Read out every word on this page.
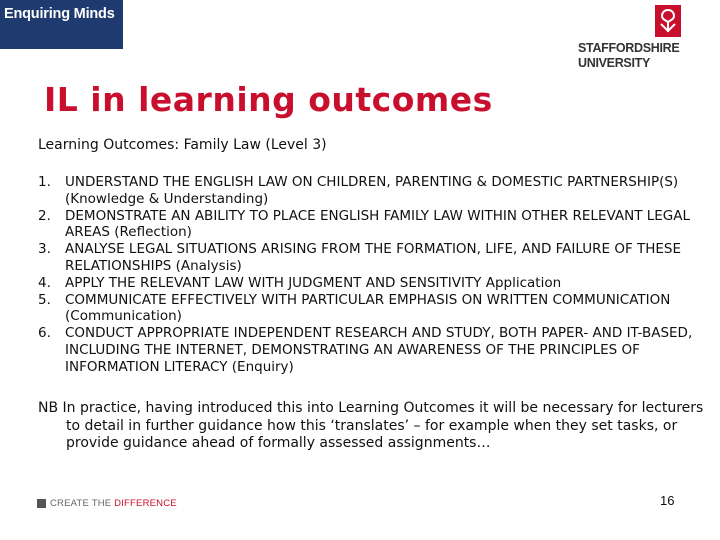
Enquiring Minds
STAFFORDSHIRE
UNIVERSITY
IL in learning outcomes
Learning Outcomes: Family Law (Level 3)
1. UNDERSTAND THE ENGLISH LAW ON CHILDREN, PARENTING & DOMESTIC PARTNERSHIP(S) (Knowledge & Understanding)
2. DEMONSTRATE AN ABILITY TO PLACE ENGLISH FAMILY LAW WITHIN OTHER RELEVANT LEGAL AREAS (Reflection)
3. ANALYSE LEGAL SITUATIONS ARISING FROM THE FORMATION, LIFE, AND FAILURE OF THESE RELATIONSHIPS (Analysis)
4. APPLY THE RELEVANT LAW WITH JUDGMENT AND SENSITIVITY Application
5. COMMUNICATE EFFECTIVELY WITH PARTICULAR EMPHASIS ON WRITTEN COMMUNICATION (Communication)
6. CONDUCT APPROPRIATE INDEPENDENT RESEARCH AND STUDY, BOTH PAPER- AND IT-BASED, INCLUDING THE INTERNET, DEMONSTRATING AN AWARENESS OF THE PRINCIPLES OF INFORMATION LITERACY (Enquiry)

NB In practice, having introduced this into Learning Outcomes it will be necessary for lecturers to detail in further guidance how this ‘translates’ – for example when they set tasks, or provide guidance ahead of formally assessed assignments…

CREATE THE DIFFERENCE	16
